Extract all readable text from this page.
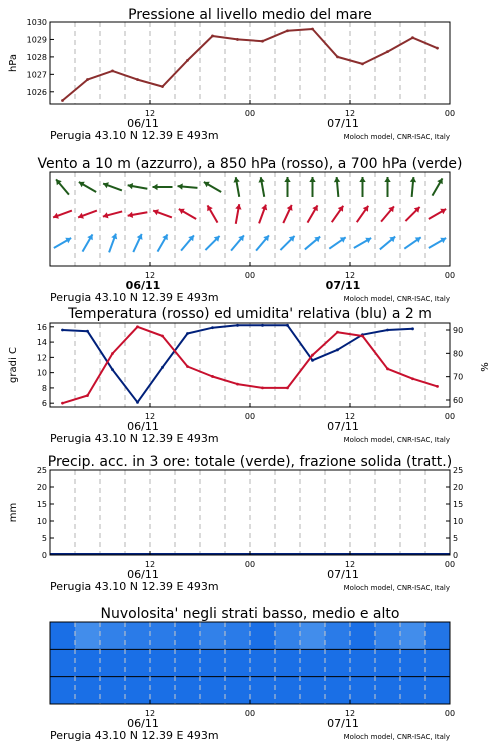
Pressione al livello medio del mare
1026
1027
1028
1029
1030
hPa
12	00	12	00
06/11	07/11
Perugia 43.10 N 12.39 E 493m	Moloch model, CNR-ISAC, Italy
Vento a 10 m (azzurro), a 850 hPa (rosso), a 700 hPa (verde)
12	00	12	00
06/11	07/11
Perugia 43.10 N 12.39 E 493m	Moloch model, CNR-ISAC, Italy
Temperatura (rosso) ed umidita' relativa (blu) a 2 m
6
8
10
12
14
16
60
70
80
90
gradi C	%
12	00	12	00
06/11	07/11
Perugia 43.10 N 12.39 E 493m	Moloch model, CNR-ISAC, Italy
Precip. acc. in 3 ore: totale (verde), frazione solida (tratt.)
0
5
10
15
20
25
0
5
10
15
20
25
mm
12	00	12	00
06/11	07/11
Perugia 43.10 N 12.39 E 493m	Moloch model, CNR-ISAC, Italy
Nuvolosita' negli strati basso, medio e alto
12	00	12	00
06/11	07/11
Perugia 43.10 N 12.39 E 493m	Moloch model, CNR-ISAC, Italy
